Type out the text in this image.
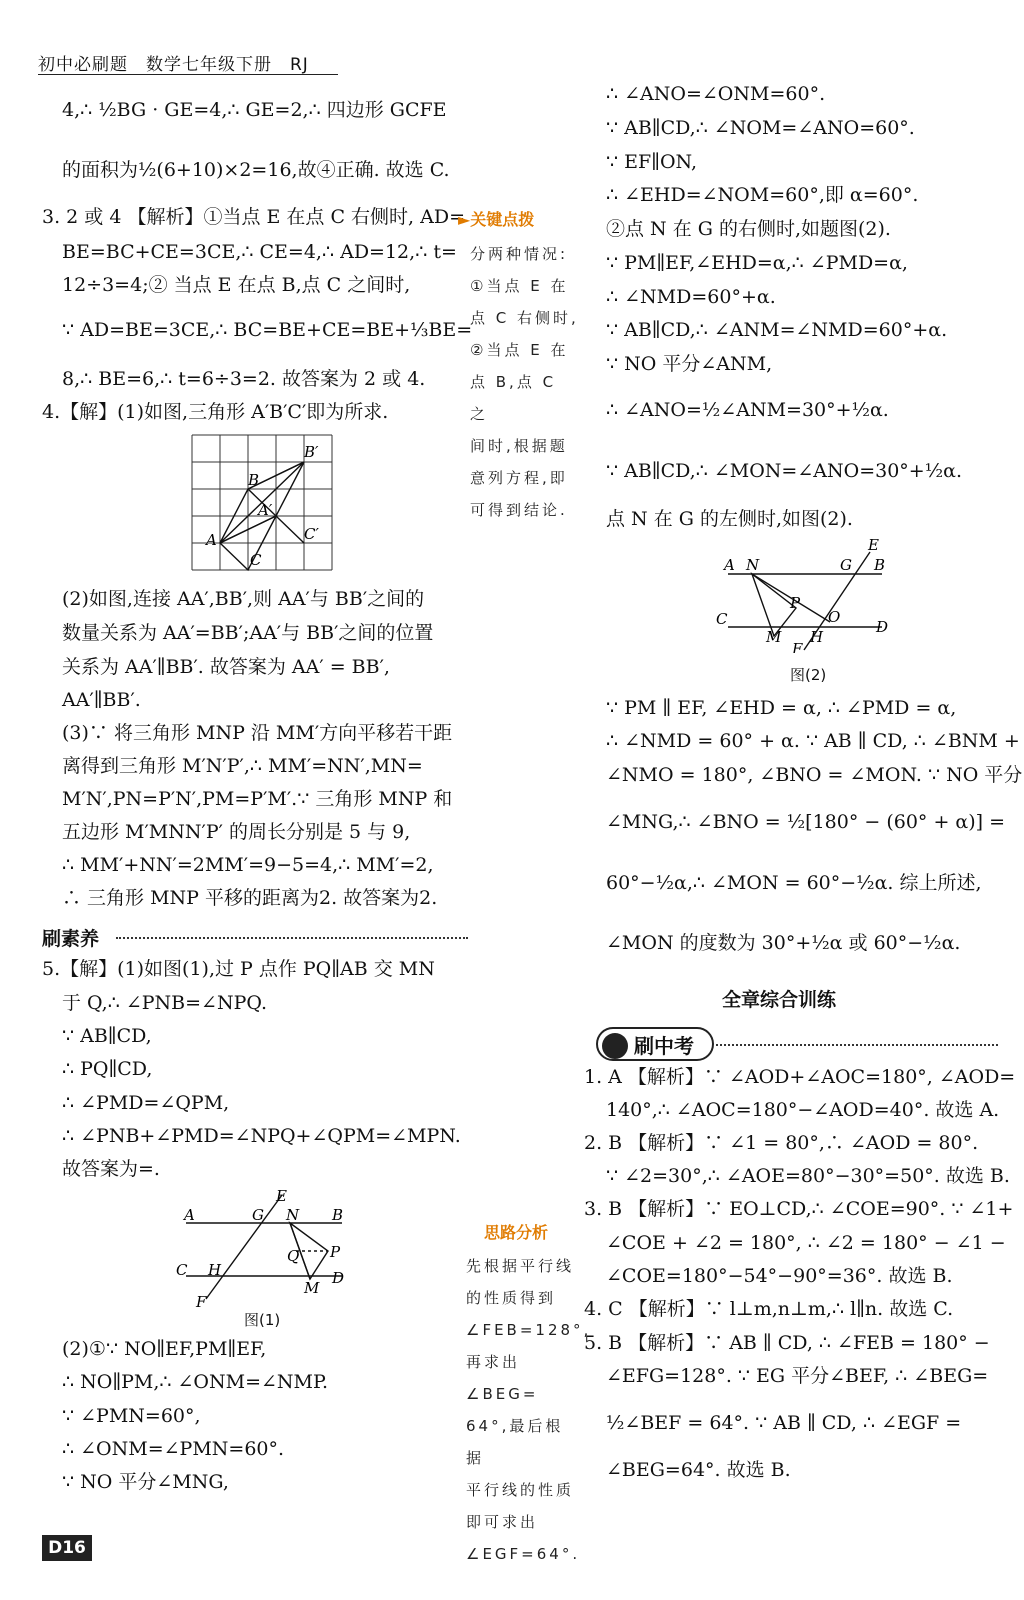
初中必刷题　数学七年级下册　RJ
4,∴ ½BG · GE=4,∴ GE=2,∴ 四边形 GCFE
的面积为½(6+10)×2=16,故④正确. 故选 C.
3. 2 或 4 【解析】①当点 E 在点 C 右侧时, AD=
BE=BC+CE=3CE,∴ CE=4,∴ AD=12,∴ t=
12÷3=4;② 当点 E 在点 B,点 C 之间时,
∵ AD=BE=3CE,∴ BC=BE+CE=BE+⅓BE=
8,∴ BE=6,∴ t=6÷3=2. 故答案为 2 或 4.
4.【解】(1)如图,三角形 A′B′C′即为所求.
B′
B
A′
C′
A
C
(2)如图,连接 AA′,BB′,则 AA′与 BB′之间的
数量关系为 AA′=BB′;AA′与 BB′之间的位置
关系为 AA′∥BB′. 故答案为 AA′ = BB′,
AA′∥BB′.
(3)∵ 将三角形 MNP 沿 MM′方向平移若干距
离得到三角形 M′N′P′,∴ MM′=NN′,MN=
M′N′,PN=P′N′,PM=P′M′.∵ 三角形 MNP 和
五边形 M′MNN′P′ 的周长分别是 5 与 9,
∴ MM′+NN′=2MM′=9−5=4,∴ MM′=2,
∴ 三角形 MNP 平移的距离为2. 故答案为2.
刷素养
5.【解】(1)如图(1),过 P 点作 PQ∥AB 交 MN
于 Q,∴ ∠PNB=∠NPQ.
∵ AB∥CD,
∴ PQ∥CD,
∴ ∠PMD=∠QPM,
∴ ∠PNB+∠PMD=∠NPQ+∠QPM=∠MPN.
故答案为=.
A	G N B
E
Q P
C H
M
D
F
图(1)
(2)①∵ NO∥EF,PM∥EF,
∴ NO∥PM,∴ ∠ONM=∠NMP.
∵ ∠PMN=60°,
∴ ∠ONM=∠PMN=60°.
∵ NO 平分∠MNG,
►关键点拨
分两种情况:
①当点 E 在
点 C 右侧时,
②当点 E 在
点 B,点 C 之
间时,根据题
意列方程,即
可得到结论.
思路分析
先根据平行线
的性质得到
∠FEB=128°,
再求出∠BEG=
64°,最后根据
平行线的性质
即可求出
∠EGF=64°.
∴ ∠ANO=∠ONM=60°.
∵ AB∥CD,∴ ∠NOM=∠ANO=60°.
∵ EF∥ON,
∴ ∠EHD=∠NOM=60°,即 α=60°.
②点 N 在 G 的右侧时,如题图(2).
∵ PM∥EF,∠EHD=α,∴ ∠PMD=α,
∴ ∠NMD=60°+α.
∵ AB∥CD,∴ ∠ANM=∠NMD=60°+α.
∵ NO 平分∠ANM,
∴ ∠ANO=½∠ANM=30°+½α.
∵ AB∥CD,∴ ∠MON=∠ANO=30°+½α.
点 N 在 G 的左侧时,如图(2).
A N	G B
E
P
O
C
M H
D
F
图(2)
∵ PM ∥ EF, ∠EHD = α, ∴ ∠PMD = α,
∴ ∠NMD = 60° + α. ∵ AB ∥ CD, ∴ ∠BNM +
∠NMO = 180°, ∠BNO = ∠MON. ∵ NO 平分
∠MNG,∴ ∠BNO = ½[180° − (60° + α)] =
60°−½α,∴ ∠MON = 60°−½α. 综上所述,
∠MON 的度数为 30°+½α 或 60°−½α.
全章综合训练
刷中考
1. A 【解析】∵ ∠AOD+∠AOC=180°, ∠AOD=
140°,∴ ∠AOC=180°−∠AOD=40°. 故选 A.
2. B 【解析】∵ ∠1 = 80°,∴ ∠AOD = 80°.
∵ ∠2=30°,∴ ∠AOE=80°−30°=50°. 故选 B.
3. B 【解析】∵ EO⊥CD,∴ ∠COE=90°. ∵ ∠1+
∠COE + ∠2 = 180°, ∴ ∠2 = 180° − ∠1 −
∠COE=180°−54°−90°=36°. 故选 B.
4. C 【解析】∵ l⊥m,n⊥m,∴ l∥n. 故选 C.
5. B 【解析】∵ AB ∥ CD, ∴ ∠FEB = 180° −
∠EFG=128°. ∵ EG 平分∠BEF, ∴ ∠BEG=
½∠BEF = 64°. ∵ AB ∥ CD, ∴ ∠EGF =
∠BEG=64°. 故选 B.
D16
